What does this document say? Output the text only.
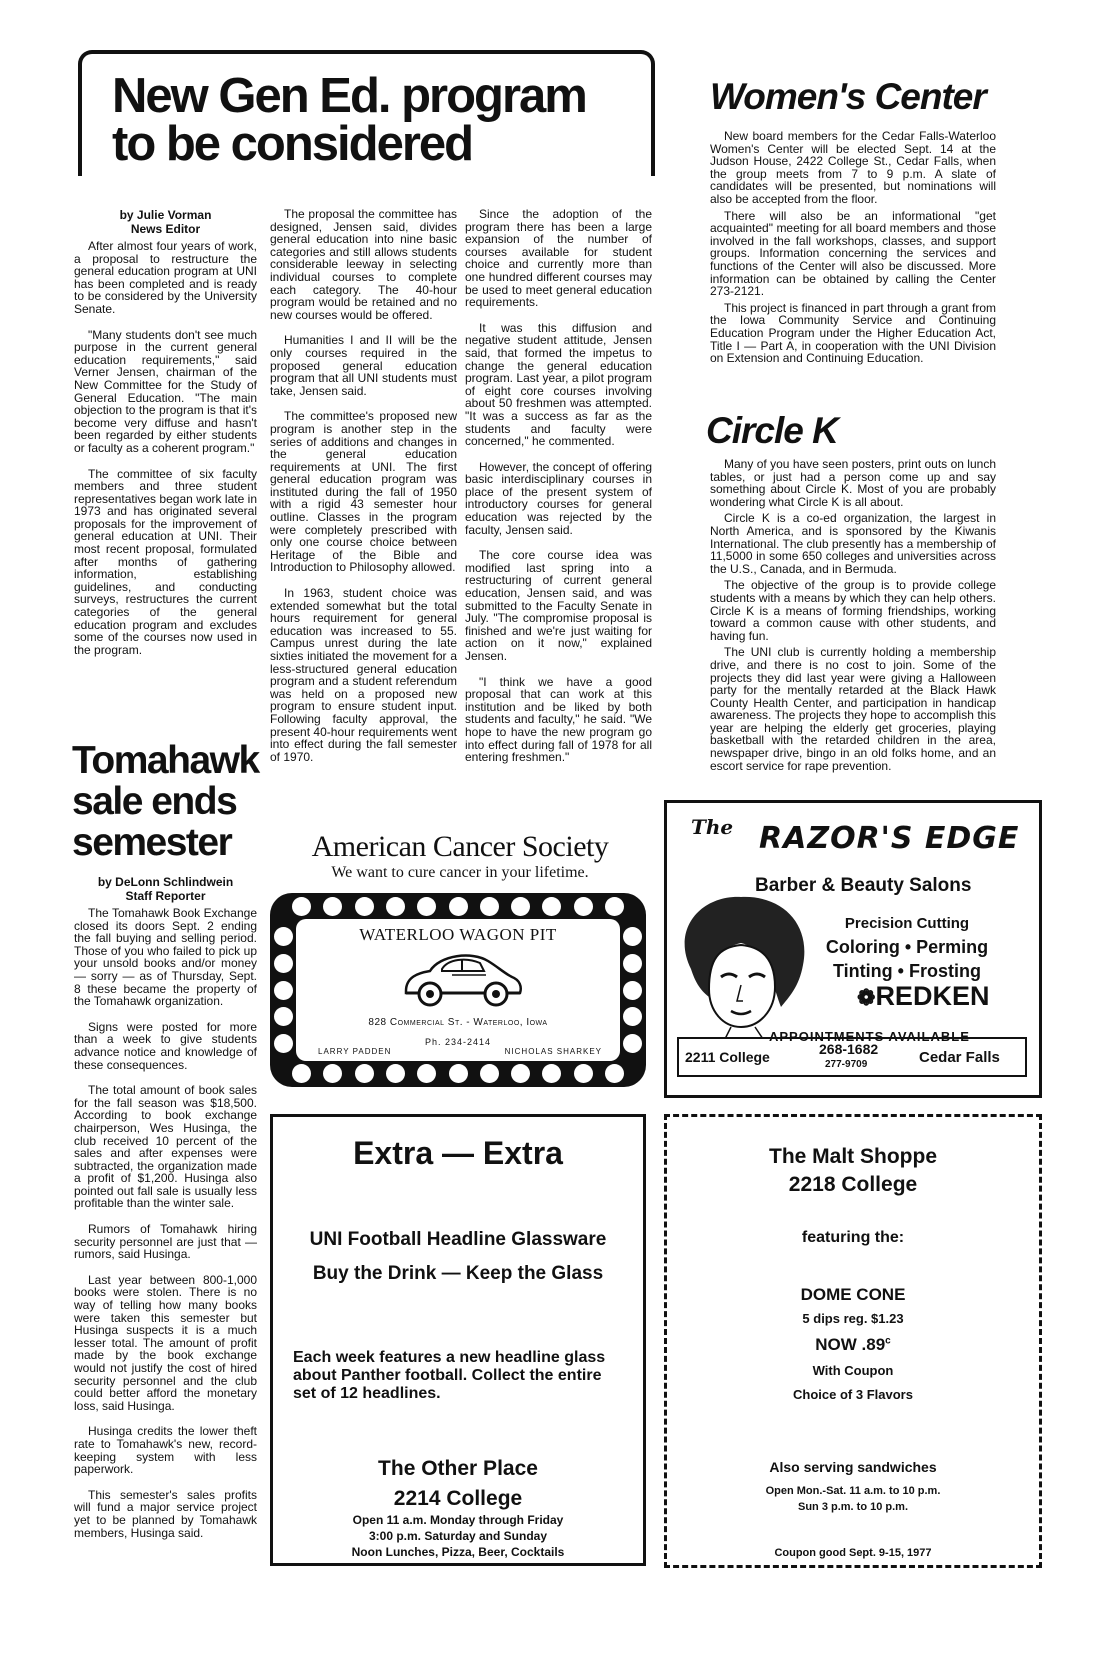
New Gen Ed. program
to be considered
by Julie Vorman
News Editor

After almost four years of work, a proposal to restructure the general education program at UNI has been completed and is ready to be considered by the University Senate.

"Many students don't see much purpose in the current general education requirements," said Verner Jensen, chairman of the New Committee for the Study of General Education. "The main objection to the program is that it's become very diffuse and hasn't been regarded by either students or faculty as a coherent program."

The committee of six faculty members and three student representatives began work late in 1973 and has originated several proposals for the improvement of general education at UNI. Their most recent proposal, formulated after months of gathering information, establishing guidelines, and conducting surveys, restructures the current categories of the general education program and excludes some of the courses now used in the program.

The proposal the committee has designed, Jensen said, divides general education into nine basic categories and still allows students considerable leeway in selecting individual courses to complete each category. The 40-hour program would be retained and no new courses would be offered.

Humanities I and II will be the only courses required in the proposed general education program that all UNI students must take, Jensen said.

The committee's proposed new program is another step in the series of additions and changes in the general education requirements at UNI. The first general education program was instituted during the fall of 1950 with a rigid 43 semester hour outline. Classes in the program were completely prescribed with only one course choice between Heritage of the Bible and Introduction to Philosophy allowed.

In 1963, student choice was extended somewhat but the total hours requirement for general education was increased to 55. Campus unrest during the late sixties initiated the movement for a less-structured general education program and a student referendum was held on a proposed new program to ensure student input. Following faculty approval, the present 40-hour requirements went into effect during the fall semester of 1970.

Since the adoption of the program there has been a large expansion of the number of courses available for student choice and currently more than one hundred different courses may be used to meet general education requirements.

It was this diffusion and negative student attitude, Jensen said, that formed the impetus to change the general education program. Last year, a pilot program of eight core courses involving about 50 freshmen was attempted. "It was a success as far as the students and faculty were concerned," he commented.

However, the concept of offering basic interdisciplinary courses in place of the present system of introductory courses for general education was rejected by the faculty, Jensen said.

The core course idea was modified last spring into a restructuring of current general education, Jensen said, and was submitted to the Faculty Senate in July. "The compromise proposal is finished and we're just waiting for action on it now," explained Jensen.

"I think we have a good proposal that can work at this institution and be liked by both students and faculty," he said. "We hope to have the new program go into effect during fall of 1978 for all entering freshmen."

Tomahawk
sale ends
semester
by DeLonn Schlindwein
Staff Reporter

The Tomahawk Book Exchange closed its doors Sept. 2 ending the fall buying and selling period. Those of you who failed to pick up your unsold books and/or money — sorry — as of Thursday, Sept. 8 these became the property of the Tomahawk organization.

Signs were posted for more than a week to give students advance notice and knowledge of these consequences.

The total amount of book sales for the fall season was $18,500. According to book exchange chairperson, Wes Husinga, the club received 10 percent of the sales and after expenses were subtracted, the organization made a profit of $1,200. Husinga also pointed out fall sale is usually less profitable than the winter sale.

Rumors of Tomahawk hiring security personnel are just that —rumors, said Husinga.

Last year between 800-1,000 books were stolen. There is no way of telling how many books were taken this semester but Husinga suspects it is a much lesser total. The amount of profit made by the book exchange would not justify the cost of hired security personnel and the club could better afford the monetary loss, said Husinga.

Husinga credits the lower theft rate to Tomahawk's new, record-keeping system with less paperwork.

This semester's sales profits will fund a major service project yet to be planned by Tomahawk members, Husinga said.

Women's Center

New board members for the Cedar Falls-Waterloo Women's Center will be elected Sept. 14 at the Judson House, 2422 College St., Cedar Falls, when the group meets from 7 to 9 p.m. A slate of candidates will be presented, but nominations will also be accepted from the floor.

There will also be an informational "get acquainted" meeting for all board members and those involved in the fall workshops, classes, and support groups. Information concerning the services and functions of the Center will also be discussed. More information can be obtained by calling the Center 273-2121.

This project is financed in part through a grant from the Iowa Community Service and Continuing Education Program under the Higher Education Act, Title I — Part A, in cooperation with the UNI Division on Extension and Continuing Education.

Circle K

Many of you have seen posters, print outs on lunch tables, or just had a person come up and say something about Circle K. Most of you are probably wondering what Circle K is all about.

Circle K is a co-ed organization, the largest in North America, and is sponsored by the Kiwanis International. The club presently has a membership of 11,5000 in some 650 colleges and universities across the U.S., Canada, and in Bermuda.

The objective of the group is to provide college students with a means by which they can help others. Circle K is a means of forming friendships, working toward a common cause with other students, and having fun.

The UNI club is currently holding a membership drive, and there is no cost to join. Some of the projects they did last year were giving a Halloween party for the mentally retarded at the Black Hawk County Health Center, and participation in handicap awareness. The projects they hope to accomplish this year are helping the elderly get groceries, playing basketball with the retarded children in the area, newspaper drive, bingo in an old folks home, and an escort service for rape prevention.

American Cancer Society
We want to cure cancer in your lifetime.
WATERLOO WAGON PIT
828 Commercial St. - Waterloo, Iowa
Ph. 234-2414
LARRY PADDEN	NICHOLAS SHARKEY
The RAZOR'S EDGE
Barber & Beauty Salons
Precision Cutting
Coloring • Perming
Tinting • Frosting
❁REDKEN
APPOINTMENTS AVAILABLE
2211 College	268-1682
277-9709	Cedar Falls
Extra — Extra
UNI Football Headline Glassware
Buy the Drink — Keep the Glass
Each week features a new headline glass about Panther football. Collect the entire set of 12 headlines.
The Other Place
2214 College
Open 11 a.m. Monday through Friday
3:00 p.m. Saturday and Sunday
Noon Lunches, Pizza, Beer, Cocktails
The Malt Shoppe
2218 College
featuring the:
DOME CONE
5 dips reg. $1.23
NOW .89$^c$
With Coupon
Choice of 3 Flavors
Also serving sandwiches
Open Mon.-Sat. 11 a.m. to 10 p.m.
Sun 3 p.m. to 10 p.m.
Coupon good Sept. 9-15, 1977
